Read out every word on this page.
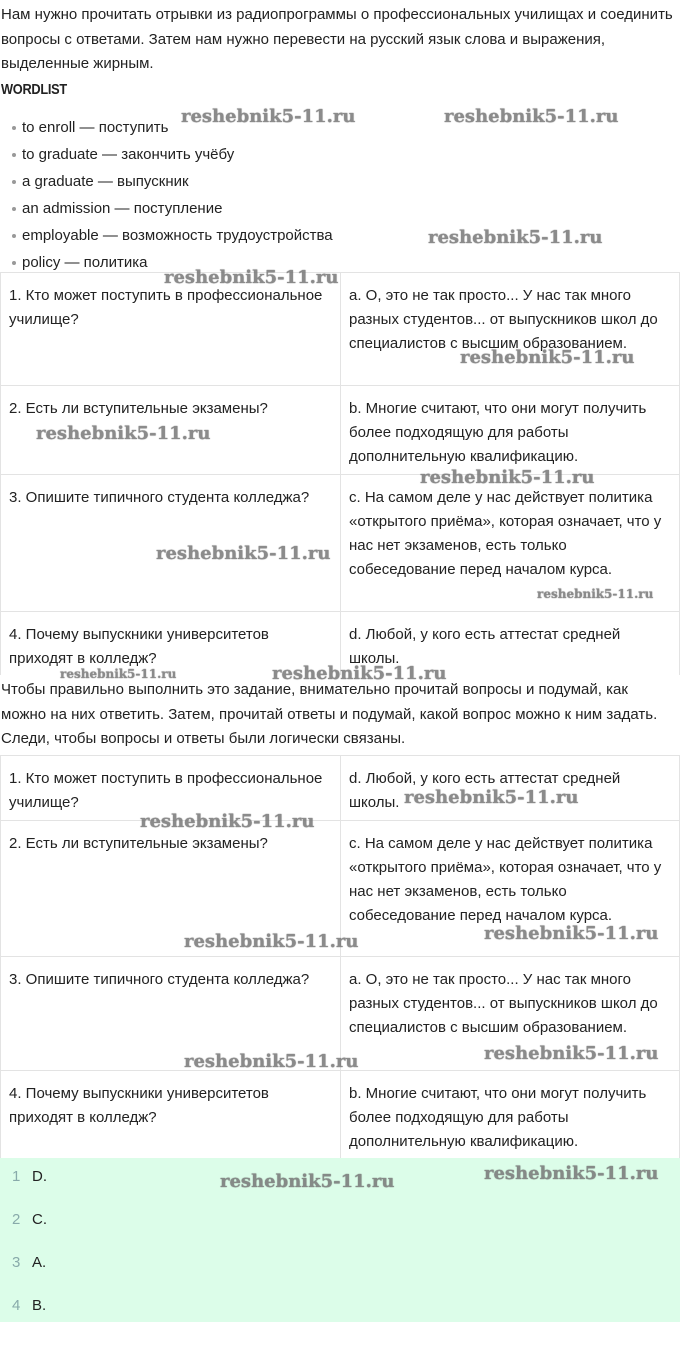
Нам нужно прочитать отрывки из радиопрограммы о профессиональных училищах и соединить вопросы с ответами. Затем нам нужно перевести на русский язык слова и выражения, выделенные жирным.

WORDLIST
to enroll — поступить
to graduate — закончить учёбу
a graduate — выпускник
an admission — поступление
employable — возможность трудоустройства
policy — политика
1. Кто может поступить в профессиональное училище?	a. О, это не так просто... У нас так много разных студентов... от выпускников школ до специалистов с высшим образованием.
2. Есть ли вступительные экзамены?	b. Многие считают, что они могут получить более подходящую для работы дополнительную квалификацию.
3. Опишите типичного студента колледжа?	c. На самом деле у нас действует политика «открытого приёма», которая означает, что у нас нет экзаменов, есть только собеседование перед началом курса.
4. Почему выпускники университетов приходят в колледж?	d. Любой, у кого есть аттестат средней школы.

Чтобы правильно выполнить это задание, внимательно прочитай вопросы и подумай, как можно на них ответить. Затем, прочитай ответы и подумай, какой вопрос можно к ним задать. Следи, чтобы вопросы и ответы были логически связаны.

1. Кто может поступить в профессиональное училище?	d. Любой, у кого есть аттестат средней школы.
2. Есть ли вступительные экзамены?	c. На самом деле у нас действует политика «открытого приёма», которая означает, что у нас нет экзаменов, есть только собеседование перед началом курса.
3. Опишите типичного студента колледжа?	a. О, это не так просто... У нас так много разных студентов... от выпускников школ до специалистов с высшим образованием.
4. Почему выпускники университетов приходят в колледж?	b. Многие считают, что они могут получить более подходящую для работы дополнительную квалификацию.
1 D.
2 C.
3 A.
4 B.
reshebnik5-11.ru	reshebnik5-11.ru
reshebnik5-11.ru
reshebnik5-11.ru
reshebnik5-11.ru
reshebnik5-11.ru
reshebnik5-11.ru
reshebnik5-11.ru
reshebnik5-11.ru
reshebnik5-11.ru	reshebnik5-11.ru
reshebnik5-11.ru
reshebnik5-11.ru
reshebnik5-11.ru
reshebnik5-11.ru
reshebnik5-11.ru
reshebnik5-11.ru
reshebnik5-11.ru
reshebnik5-11.ru
